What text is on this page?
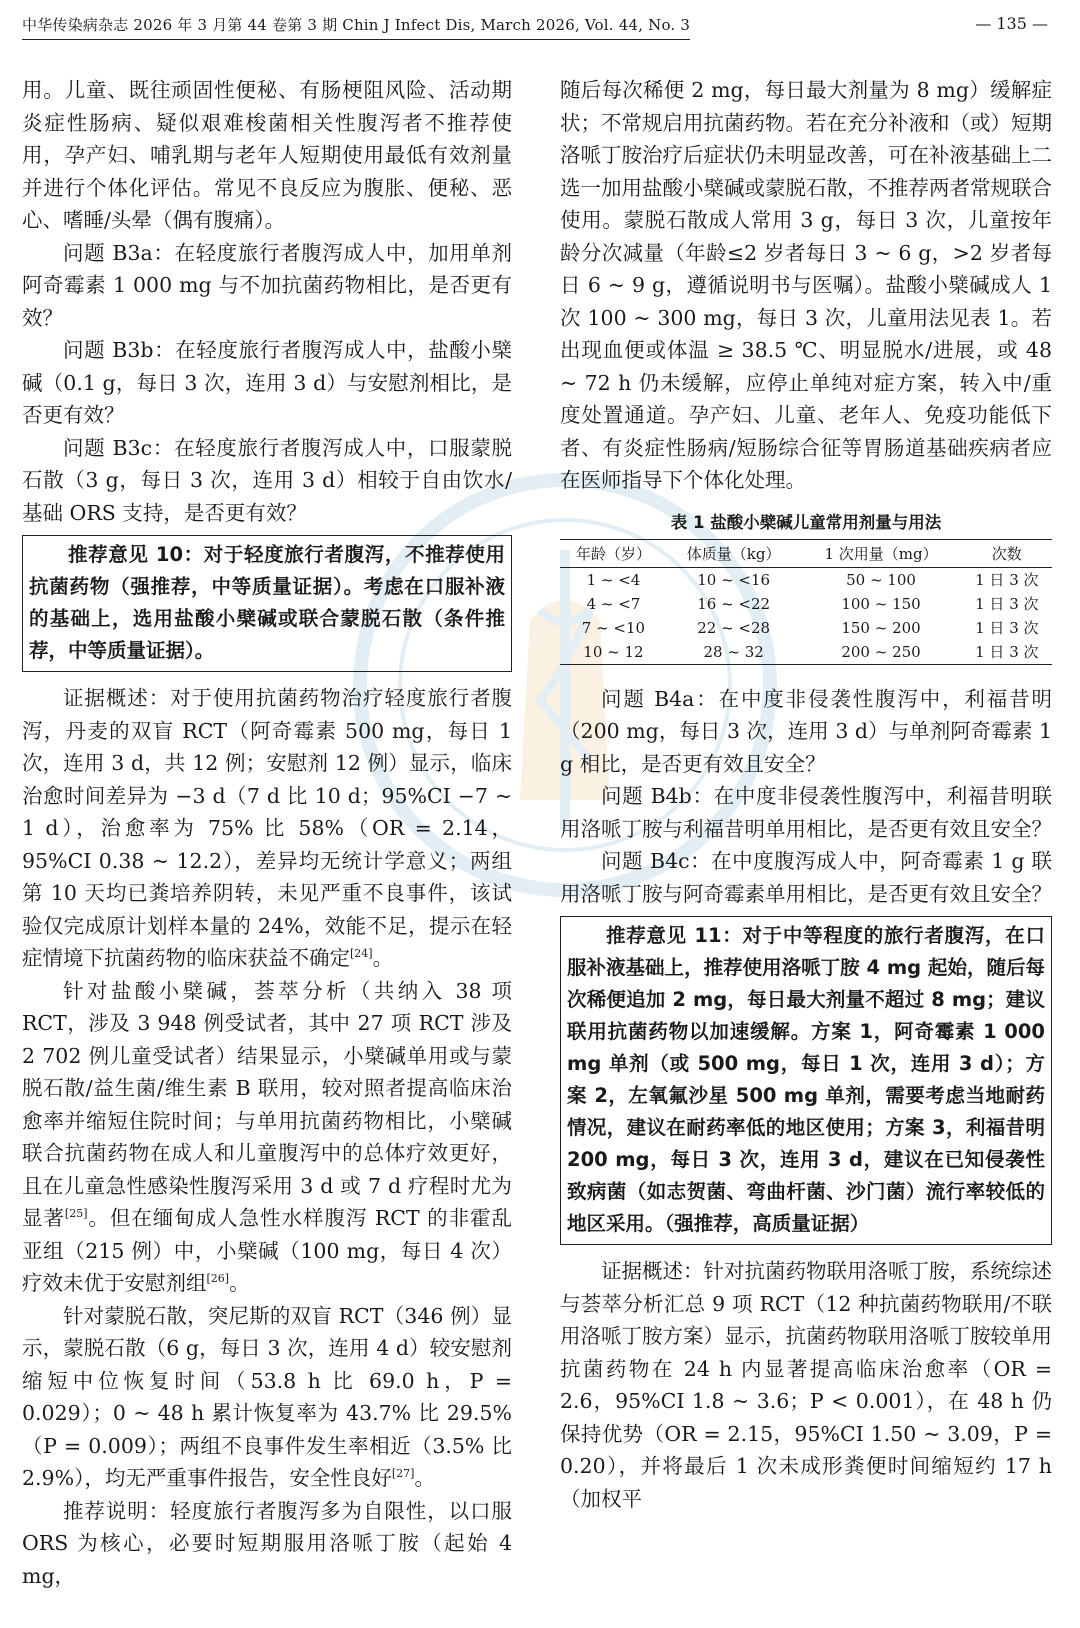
中华传染病杂志 2026 年 3 月第 44 卷第 3 期 Chin J Infect Dis, March 2026, Vol. 44, No. 3	— 135 —

用。儿童、既往顽固性便秘、有肠梗阻风险、活动期炎症性肠病、疑似艰难梭菌相关性腹泻者不推荐使用，孕产妇、哺乳期与老年人短期使用最低有效剂量并进行个体化评估。常见不良反应为腹胀、便秘、恶心、嗜睡/头晕（偶有腹痛）。

问题 B3a：在轻度旅行者腹泻成人中，加用单剂阿奇霉素 1 000 mg 与不加抗菌药物相比，是否更有效？

问题 B3b：在轻度旅行者腹泻成人中，盐酸小檗碱（0.1 g，每日 3 次，连用 3 d）与安慰剂相比，是否更有效？

问题 B3c：在轻度旅行者腹泻成人中，口服蒙脱石散（3 g，每日 3 次，连用 3 d）相较于自由饮水/基础 ORS 支持，是否更有效？

推荐意见 10：对于轻度旅行者腹泻，不推荐使用抗菌药物（强推荐，中等质量证据）。考虑在口服补液的基础上，选用盐酸小檗碱或联合蒙脱石散（条件推荐，中等质量证据）。

证据概述：对于使用抗菌药物治疗轻度旅行者腹泻，丹麦的双盲 RCT（阿奇霉素 500 mg，每日 1 次，连用 3 d，共 12 例；安慰剂 12 例）显示，临床治愈时间差异为 −3 d（7 d 比 10 d；95%CI −7 ~ 1 d），治愈率为 75% 比 58%（OR = 2.14，95%CI 0.38 ~ 12.2），差异均无统计学意义；两组第 10 天均已粪培养阴转，未见严重不良事件，该试验仅完成原计划样本量的 24%，效能不足，提示在轻症情境下抗菌药物的临床获益不确定[24]。

针对盐酸小檗碱，荟萃分析（共纳入 38 项 RCT，涉及 3 948 例受试者，其中 27 项 RCT 涉及 2 702 例儿童受试者）结果显示，小檗碱单用或与蒙脱石散/益生菌/维生素 B 联用，较对照者提高临床治愈率并缩短住院时间；与单用抗菌药物相比，小檗碱联合抗菌药物在成人和儿童腹泻中的总体疗效更好，且在儿童急性感染性腹泻采用 3 d 或 7 d 疗程时尤为显著[25]。但在缅甸成人急性水样腹泻 RCT 的非霍乱亚组（215 例）中，小檗碱（100 mg，每日 4 次）疗效未优于安慰剂组[26]。

针对蒙脱石散，突尼斯的双盲 RCT（346 例）显示，蒙脱石散（6 g，每日 3 次，连用 4 d）较安慰剂缩短中位恢复时间（53.8 h 比 69.0 h，P = 0.029）；0 ~ 48 h 累计恢复率为 43.7% 比 29.5%（P = 0.009）；两组不良事件发生率相近（3.5% 比 2.9%），均无严重事件报告，安全性良好[27]。

推荐说明：轻度旅行者腹泻多为自限性，以口服 ORS 为核心，必要时短期服用洛哌丁胺（起始 4 mg，

随后每次稀便 2 mg，每日最大剂量为 8 mg）缓解症状；不常规启用抗菌药物。若在充分补液和（或）短期洛哌丁胺治疗后症状仍未明显改善，可在补液基础上二选一加用盐酸小檗碱或蒙脱石散，不推荐两者常规联合使用。蒙脱石散成人常用 3 g，每日 3 次，儿童按年龄分次减量（年龄≤2 岁者每日 3 ~ 6 g，>2 岁者每日 6 ~ 9 g，遵循说明书与医嘱）。盐酸小檗碱成人 1 次 100 ~ 300 mg，每日 3 次，儿童用法见表 1。若出现血便或体温 ≥ 38.5 ℃、明显脱水/进展，或 48 ~ 72 h 仍未缓解，应停止单纯对症方案，转入中/重度处置通道。孕产妇、儿童、老年人、免疫功能低下者、有炎症性肠病/短肠综合征等胃肠道基础疾病者应在医师指导下个体化处理。

表 1 盐酸小檗碱儿童常用剂量与用法
年龄（岁）	体质量（kg）	1 次用量（mg）	次数
1 ~ <4	10 ~ <16	50 ~ 100	1 日 3 次
4 ~ <7	16 ~ <22	100 ~ 150	1 日 3 次
7 ~ <10	22 ~ <28	150 ~ 200	1 日 3 次
10 ~ 12	28 ~ 32	200 ~ 250	1 日 3 次

问题 B4a：在中度非侵袭性腹泻中，利福昔明（200 mg，每日 3 次，连用 3 d）与单剂阿奇霉素 1 g 相比，是否更有效且安全？

问题 B4b：在中度非侵袭性腹泻中，利福昔明联用洛哌丁胺与利福昔明单用相比，是否更有效且安全？

问题 B4c：在中度腹泻成人中，阿奇霉素 1 g 联用洛哌丁胺与阿奇霉素单用相比，是否更有效且安全？

推荐意见 11：对于中等程度的旅行者腹泻，在口服补液基础上，推荐使用洛哌丁胺 4 mg 起始，随后每次稀便追加 2 mg，每日最大剂量不超过 8 mg；建议联用抗菌药物以加速缓解。方案 1，阿奇霉素 1 000 mg 单剂（或 500 mg，每日 1 次，连用 3 d）；方案 2，左氧氟沙星 500 mg 单剂，需要考虑当地耐药情况，建议在耐药率低的地区使用；方案 3，利福昔明 200 mg，每日 3 次，连用 3 d，建议在已知侵袭性致病菌（如志贺菌、弯曲杆菌、沙门菌）流行率较低的地区采用。（强推荐，高质量证据）

证据概述：针对抗菌药物联用洛哌丁胺，系统综述与荟萃分析汇总 9 项 RCT（12 种抗菌药物联用/不联用洛哌丁胺方案）显示，抗菌药物联用洛哌丁胺较单用抗菌药物在 24 h 内显著提高临床治愈率（OR = 2.6，95%CI 1.8 ~ 3.6；P < 0.001），在 48 h 仍保持优势（OR = 2.15，95%CI 1.50 ~ 3.09，P = 0.20），并将最后 1 次未成形粪便时间缩短约 17 h（加权平
